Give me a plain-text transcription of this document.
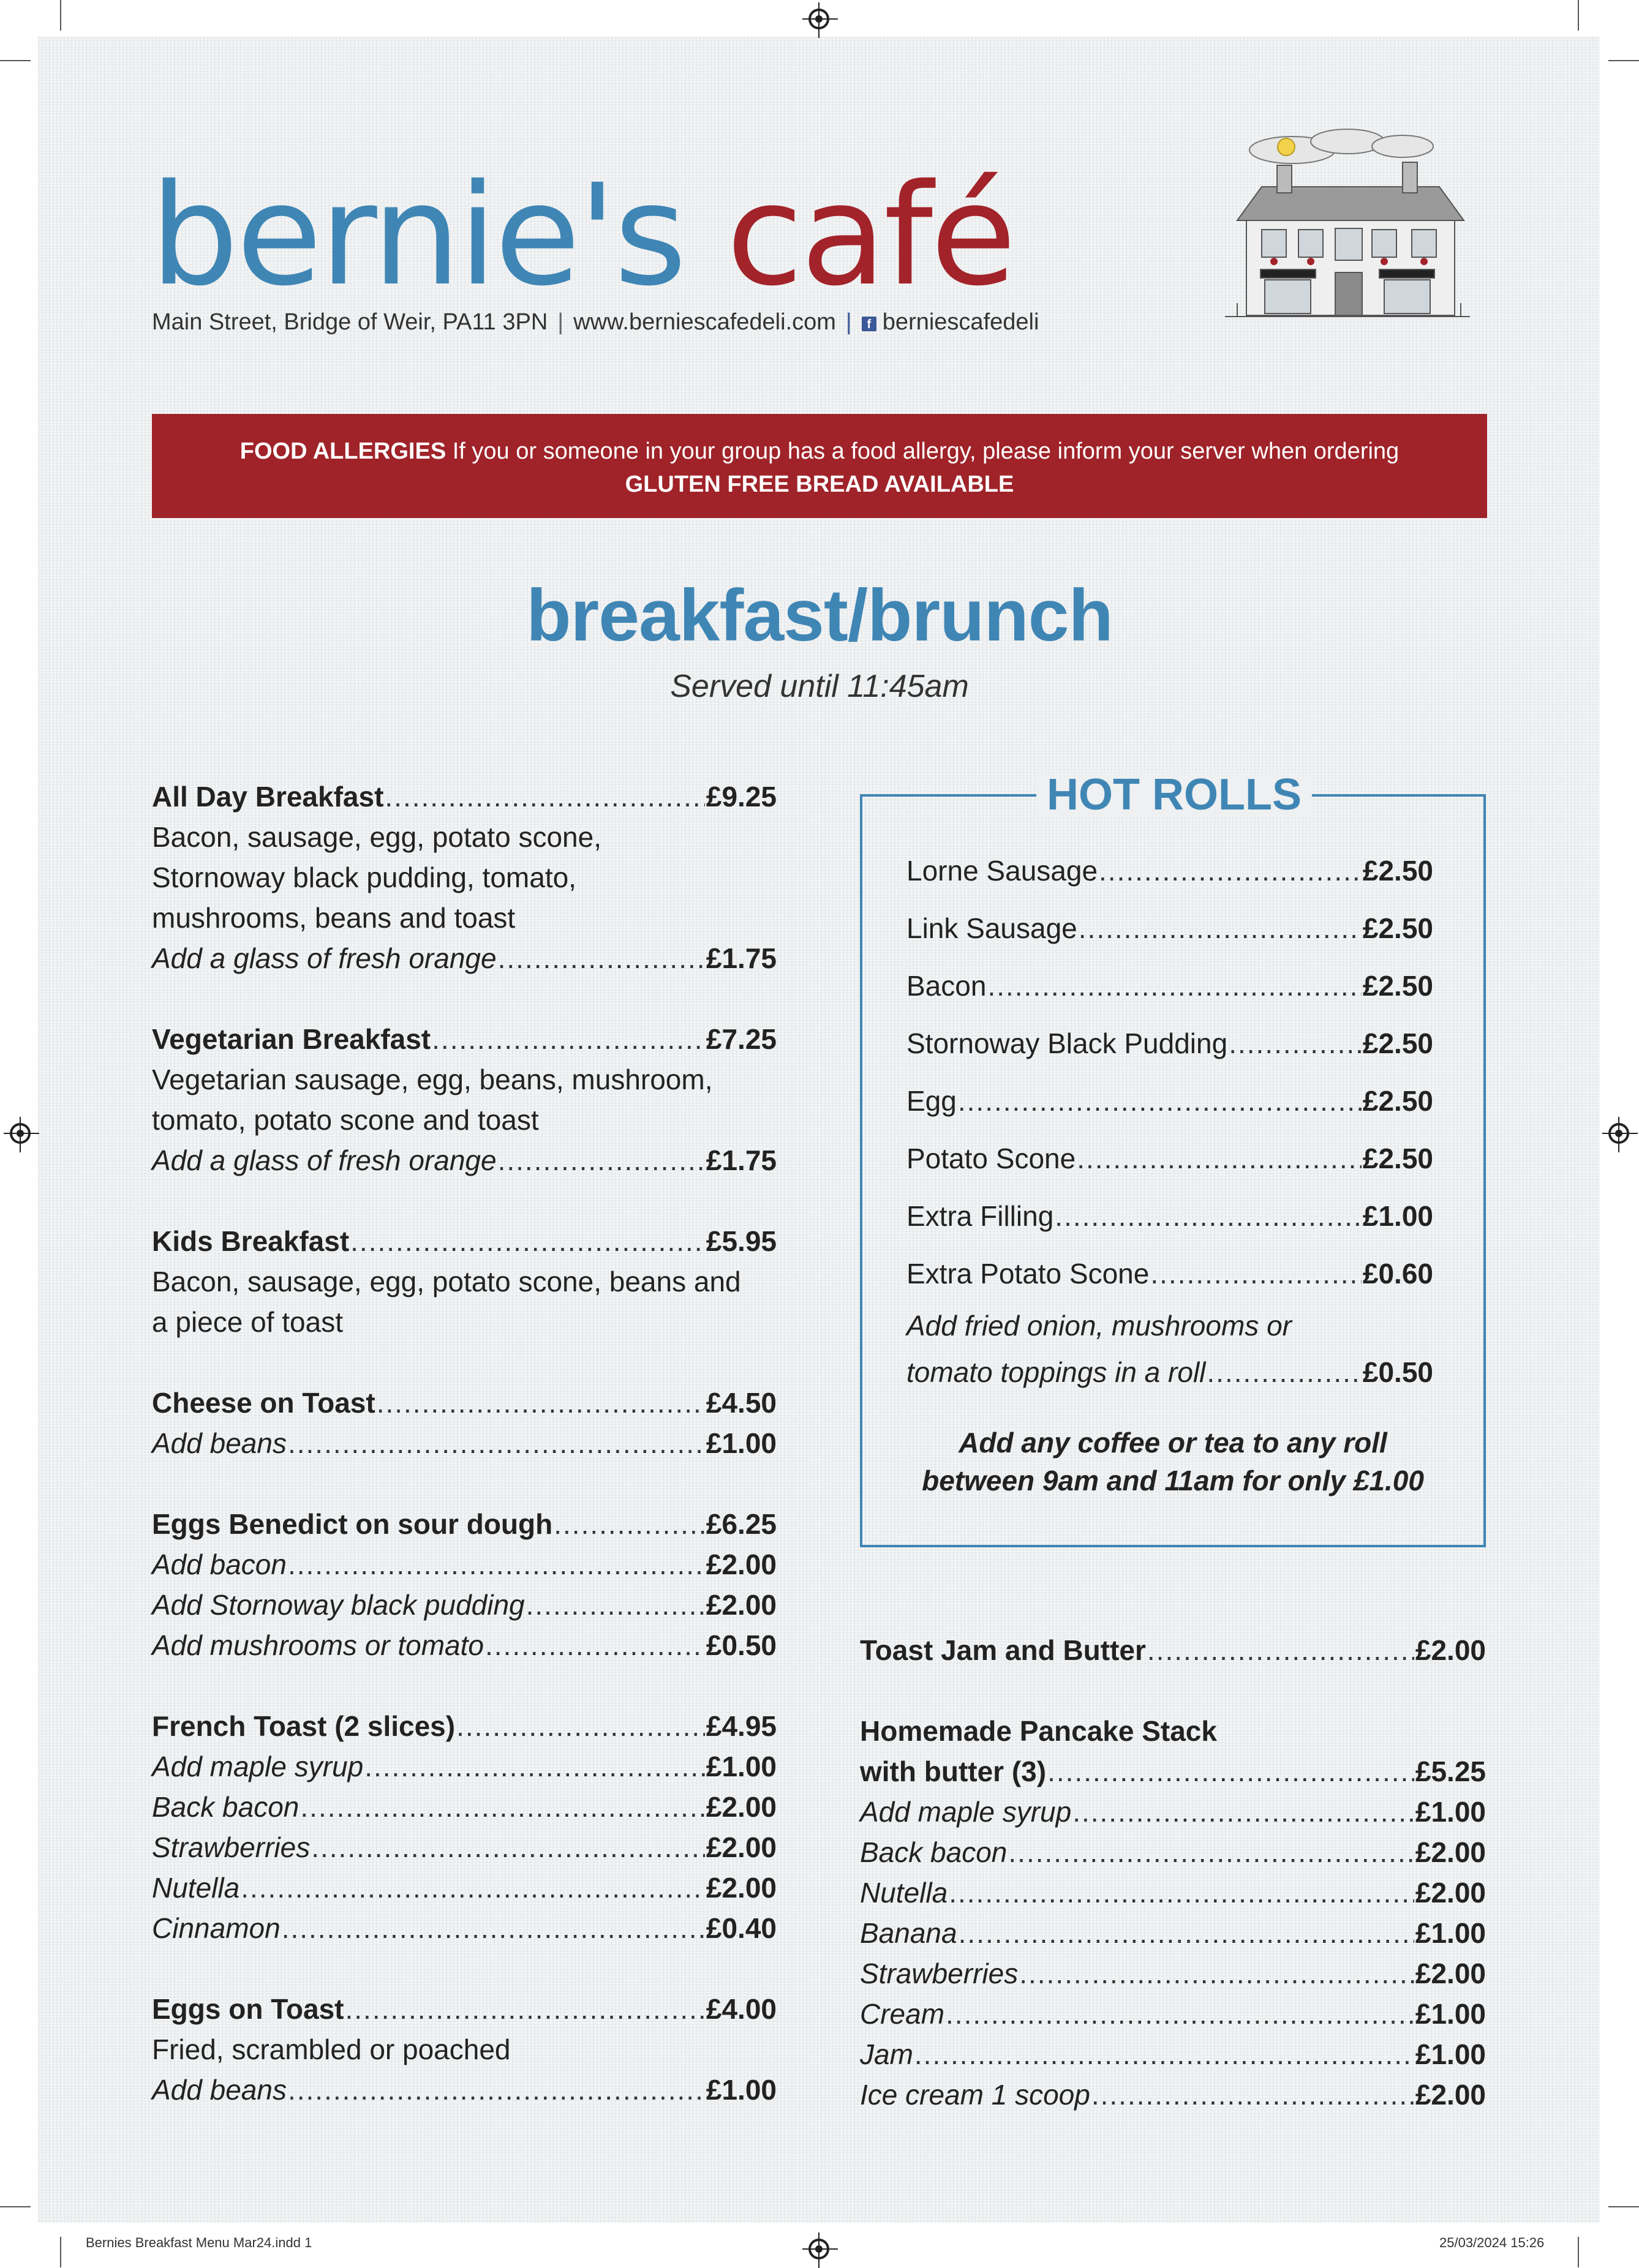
bernie's café
Main Street, Bridge of Weir, PA11 3PN | www.berniescafedeli.com | f berniescafedeli
FOOD ALLERGIES If you or someone in your group has a food allergy, please inform your server when ordering
GLUTEN FREE BREAD AVAILABLE
breakfast/brunch
Served until 11:45am
All Day Breakfast .....	£9.25
Bacon, sausage, egg, potato scone,
Stornoway black pudding, tomato,
mushrooms, beans and toast
Add a glass of fresh orange .....	£1.75
Vegetarian Breakfast .....	£7.25
Vegetarian sausage, egg, beans, mushroom,
tomato, potato scone and toast
Add a glass of fresh orange .....	£1.75
Kids Breakfast .....	£5.95
Bacon, sausage, egg, potato scone, beans and
a piece of toast
Cheese on Toast .....	£4.50
Add beans .....	£1.00
Eggs Benedict on sour dough .....	£6.25
Add bacon .....	£2.00
Add Stornoway black pudding .....	£2.00
Add mushrooms or tomato .....	£0.50
French Toast (2 slices) .....	£4.95
Add maple syrup .....	£1.00
Back bacon .....	£2.00
Strawberries .....	£2.00
Nutella .....	£2.00
Cinnamon .....	£0.40
Eggs on Toast .....	£4.00
Fried, scrambled or poached
Add beans .....	£1.00
HOT ROLLS
Lorne Sausage .....	£2.50
Link Sausage .....	£2.50
Bacon .....	£2.50
Stornoway Black Pudding .....	£2.50
Egg .....	£2.50
Potato Scone .....	£2.50
Extra Filling .....	£1.00
Extra Potato Scone .....	£0.60
Add fried onion, mushrooms or
tomato toppings in a roll .....	£0.50
Add any coffee or tea to any roll
between 9am and 11am for only £1.00
Toast Jam and Butter .....	£2.00
Homemade Pancake Stack
with butter (3) .....	£5.25
Add maple syrup .....	£1.00
Back bacon .....	£2.00
Nutella .....	£2.00
Banana .....	£1.00
Strawberries .....	£2.00
Cream .....	£1.00
Jam .....	£1.00
Ice cream 1 scoop .....	£2.00
Bernies Breakfast Menu Mar24.indd 1	25/03/2024 15:26
